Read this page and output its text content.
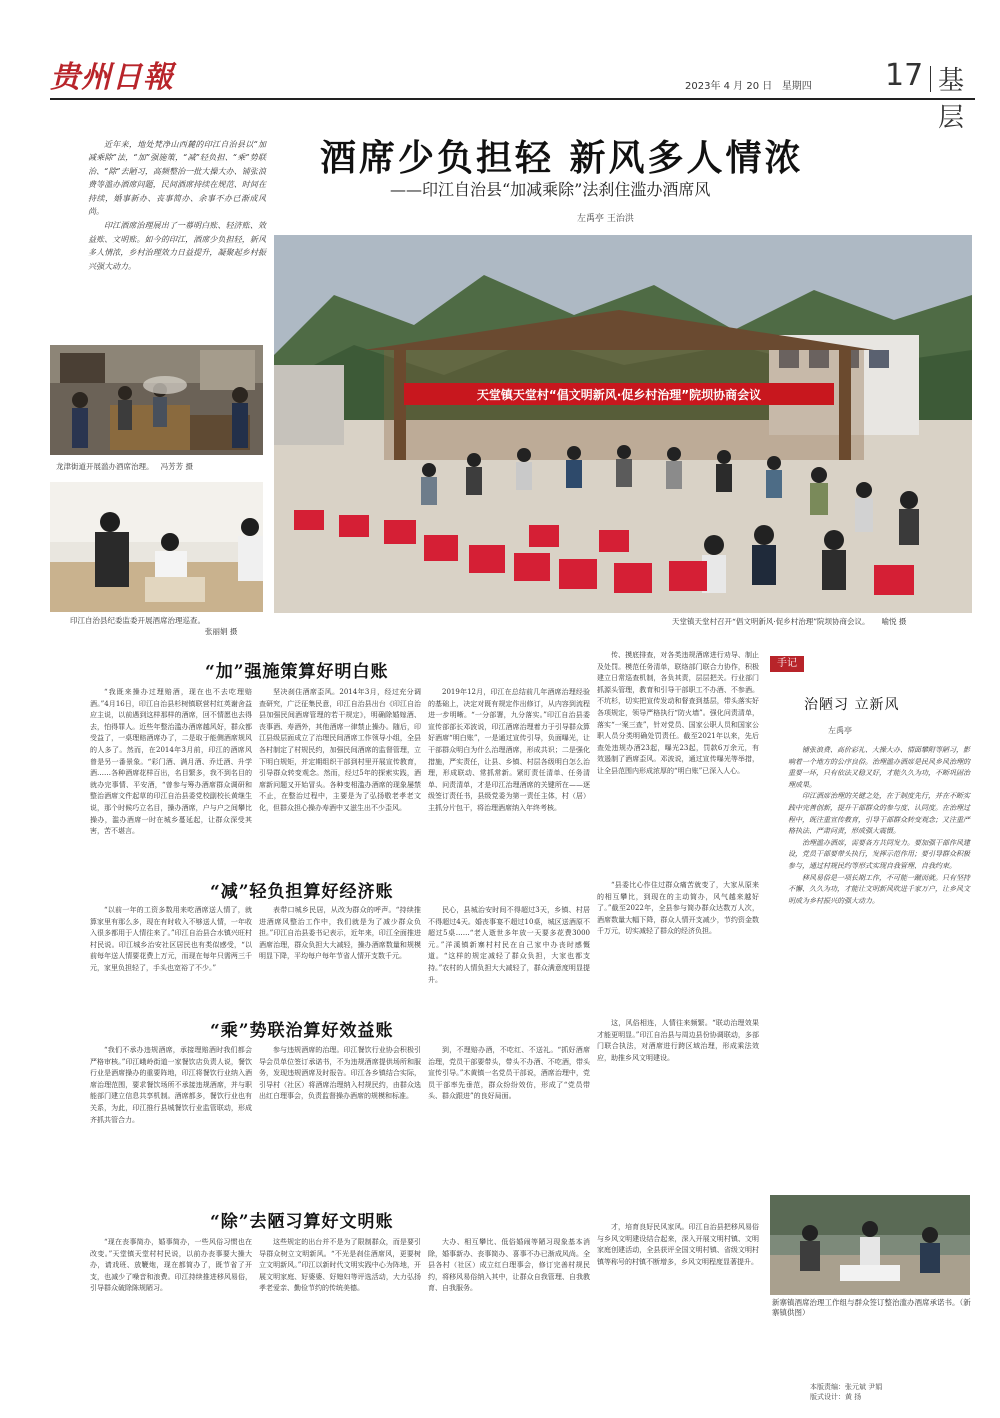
贵州日報	2023年 4 月 20 日 星期四 17 基层

近年来，地处梵净山西麓的印江自治县以“加减乘除”法，“加”强施策，“减”轻负担、“乘”势联治、“除”去陋习，高频整治一批大操大办、铺张浪费等滥办酒席问题，民间酒席持续在规范、时间在持续，婚事新办、丧事简办、余事不办已渐成风尚。

印江酒席治理展出了一幕明白账、轻济账、效益账、文明账。如今的印江，酒席少负担轻，新风多人情浓，乡村治理效力日益提升，凝聚起乡村振兴强大动力。

酒席少负担轻 新风多人情浓
——印江自治县“加减乘除”法刹住滥办酒席风
左禹亭 王治洪
龙津街道开展滥办酒席治理。 冯芳芳 摄
印江自治县纪委监委开展酒席治理巡查。
张丽娟 摄
天堂镇天堂村“倡文明新风·促乡村治理”院坝协商会议
天堂镇天堂村召开“倡文明新风·促乡村治理”院坝协商会议。 喻悦 摄
“加”强施策算好明白账

“我既来操办过理赔酒，现在也不去吃理赔酒。”4月16日，印江自治县杉树镇联营村红英谢舍益应主说，以前遇到这样那样的酒席，回不情愿也去得去，怕得罪人。近些年整治滥办酒席越风好，群众都受益了，一桌理赔酒席办了，二是取于能侧酒席规风的人多了。然而，在2014年3月前，印江的酒席风曾是另一番景象。“彩门酒、满月酒、乔迁酒、升学酒……各种酒席花样百出，名目繁多，我不到名目的就办完事情、平安酒，“曾参与筹办酒席群众调研和整治酒席文件起草的印江自治县委党校副校长黄继生说，那个时候巧立名目，操办酒席，户与户之间攀比操办，滥办酒席一时在城乡蔓延起，让群众深受其害，苦不堪言。

坚决刹住酒席歪风。2014年3月，经过充分调查研究，广泛征集民意，印江自治县出台《印江自治县加强民间酒席管理的若干规定》，明确除婚嫁酒、丧事酒、寿酒外，其他酒席一律禁止操办。随后，印江县级层面成立了治理民间酒席工作领导小组，全县各村制定了村规民约，加强民间酒席的监督管理，立下明白规矩，并定期组织干部到村里开展宣传教育，引导群众转变观念。然而，经过5年的探索实践，酒席新问题又开始冒头。各种变相滥办酒席的现象屡禁不止，在整治过程中，主要是为了弘扬敬老孝老文化，但群众担心操办寿酒中又滋生出不少歪风。

2019年12月，印江在总结前几年酒席治理经验的基础上，决定对既有规定作出修订，从内容到流程进一步明晰。“一分部署，九分落实。”印江自治县委宣传部部长邓波说，印江酒席治理着力于引导群众算好酒席“明白账”，一是通过宣传引导，负面曝光，让干部群众明白为什么治理酒席，形成共识；二是强化措施，严实责任，让县、乡镇、村层各级明白怎么治理，形成联动、常抓常新。紧盯责任清单、任务清单、问责清单，才是印江治理酒席的关键所在——逐级签订责任书，县级党委为第一责任主体，村（居）主抓分片包干，将治理酒席纳入年终考核。

传、摸底排查，对各类违规酒席进行劝导、制止及处罚。模范任务清单，联络部门联合力协作，积极建立日常巡查机制，各负其责，层层把关。行业部门抓源头管理，教育和引导干部职工不办酒、不参酒。不坑杉，切实把宣传发动和督查到基层，带头落实好各项规定，领导严格执行“防火墙”。强化问责清单，落实“一案三查”，针对党员、国家公职人员和国家公职人员分类明确处罚责任。截至2021年以来，先后查处违规办酒23起，曝光23起，罚款6万余元，有效遏制了酒席歪风。邓波说，通过宣传曝光等举措，让全县范围内形成浓厚的“明白账”已深入人心。

“减”轻负担算好经济账

“以前一年的工资多数用来吃酒席送人情了，就算家里有那么多，现在有时收入不够送人情，一年收入很多都用于人情往来了。”印江自治县合水镇兴旺村村民说。印江城乡治安社区居民也有类似感受，“以前每年送人情要花费上万元，而现在每年只需两三千元，家里负担轻了，手头也宽裕了不少。”

表带口城乡民居，从改为群众的呼声。“持续推进酒席风整治工作中，我们就是为了减少群众负担。”印江自治县委书记表示，近年来，印江全面推进酒席治理，群众负担大大减轻，操办酒席数量和规模明显下降，平均每户每年节省人情开支数千元。

民心，县城治安时间不得超过3天，乡镇、村居不得超过4天。婚丧事宴不超过10桌，城区送酒原不超过5桌……“老人逝世多年放一天要多花费3000元。”洋溪镇新寨村村民在自己家中办丧时感慨道。“这样的规定减轻了群众负担，大家也都支持。”农村的人情负担大大减轻了，群众满意度明显提升。

“县委比心作住过群众痛苦就变了，大家从原来的相互攀比，到现在的主动简办，风气越来越好了。”截至2022年，全县参与简办群众达数万人次，酒席数量大幅下降，群众人情开支减少，节约资金数千万元，切实减轻了群众的经济负担。

“乘”势联治算好效益账

“我们不承办违规酒席，承接理赔酒时我们都会严格审核。”印江峨岭街道一家餐饮店负责人说，餐饮行业是酒席操办的重要阵地，印江将餐饮行业纳入酒席治理范围，要求餐饮场所不承接违规酒席，并与职能部门建立信息共享机制。酒席都多，餐饮行业也有关系，为此，印江推行县城餐饮行业监管联动，形成齐抓共管合力。

参与违规酒席的治理。印江餐饮行业协会积极引导会员单位签订承诺书，不为违规酒席提供场所和服务，发现违规酒席及时报告。印江各乡镇结合实际，引导村（社区）将酒席治理纳入村规民约，由群众选出红白理事会，负责监督操办酒席的规模和标准。

到，不理赔办酒，不吃红、不送礼。“抓好酒席治理，党员干部要带头，带头不办酒、不吃酒，带头宣传引导。”木黄镇一名党员干部说，酒席治理中，党员干部率先垂范，群众纷纷效仿，形成了“党员带头、群众跟进”的良好局面。

这，风俗相连，人情往来频繁。“联动治理效果才能更明显。”印江自治县与周边县份协调联动，多部门联合执法，对酒席进行跨区域治理，形成乘法效应，助推乡风文明建设。

“除”去陋习算好文明账

“现在丧事简办，婚事简办，一些风俗习惯也在改变。”天堂镇天堂村村民说，以前办丧事要大操大办，请戏班、放鞭炮，现在都简办了，既节省了开支，也减少了噪音和浪费。印江持续推进移风易俗，引导群众破除陈规陋习。

这些规定的出台并不是为了限制群众，而是要引导群众树立文明新风。“不光是刹住酒席风，更要树立文明新风。”印江以新时代文明实践中心为阵地，开展文明家庭、好婆婆、好媳妇等评选活动，大力弘扬孝老爱亲、勤俭节约的传统美德。

大办、相互攀比、低俗婚闹等陋习现象基本消除，婚事新办、丧事简办、喜事不办已渐成风尚。全县各村（社区）成立红白理事会，修订完善村规民约，将移风易俗纳入其中，让群众自我管理、自我教育、自我服务。

才，培育良好民风家风。印江自治县把移风易俗与乡风文明建设结合起来，深入开展文明村镇、文明家庭创建活动，全县获评全国文明村镇、省级文明村镇等称号的村镇不断增多，乡风文明程度显著提升。

手记
治陋习 立新风
左禹亭

铺张浪费、高价彩礼、大操大办、情面攀附等陋习，影响着一个地方的公序良俗。治理滥办酒席是民风乡风治理的重要一环，只有依法又稳又好，才能久久为功，不断巩固治理成果。

印江酒席治理的关键之处，在于制度先行，并在不断实践中完善创新，提升干部群众的参与度、认同度。在治理过程中，既注重宣传教育，引导干部群众转变观念；又注重严格执法、严肃问责，形成强大震慑。

治理滥办酒席，需要各方共同发力。要加强干部作风建设，党员干部要带头执行，发挥示范作用；要引导群众积极参与，通过村规民约等形式实现自我管理、自我约束。

移风易俗是一项长期工作，不可能一蹴而就。只有坚持不懈、久久为功，才能让文明新风吹进千家万户，让乡风文明成为乡村振兴的强大动力。

新寨镇酒席治理工作组与群众签订整治滥办酒席承诺书。（新寨镇供图）
本版责编：张元斌 尹娟
版式设计：黄 扬
